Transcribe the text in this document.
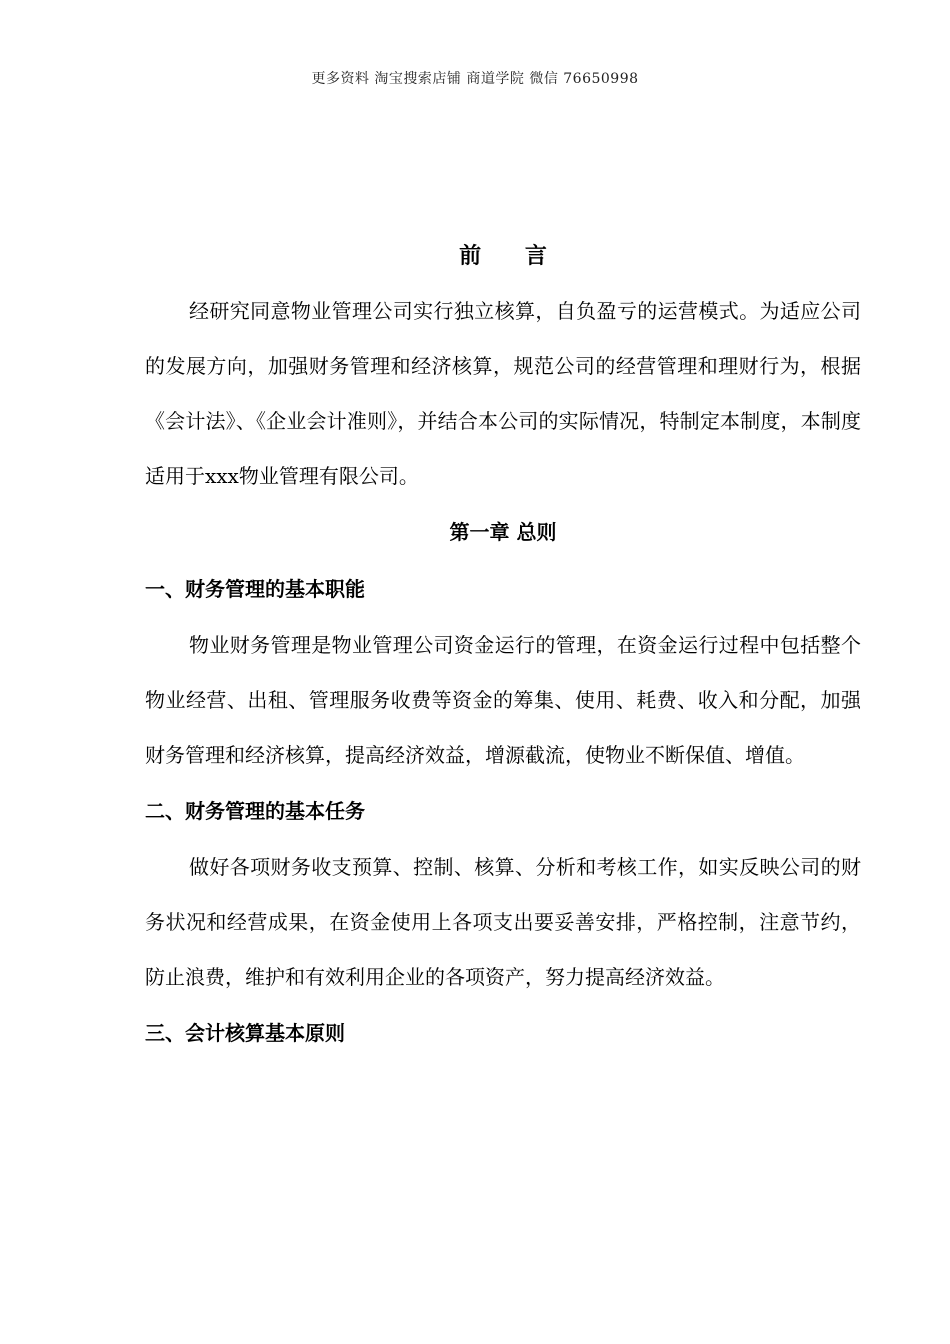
更多资料 淘宝搜索店铺 商道学院 微信 76650998
前 言

经研究同意物业管理公司实行独立核算，自负盈亏的运营模式。为适应公司的发展方向，加强财务管理和经济核算，规范公司的经营管理和理财行为，根据《会计法》、《企业会计准则》，并结合本公司的实际情况，特制定本制度，本制度适用于xxx物业管理有限公司。

第一章 总则
一、财务管理的基本职能

物业财务管理是物业管理公司资金运行的管理，在资金运行过程中包括整个物业经营、出租、管理服务收费等资金的筹集、使用、耗费、收入和分配，加强财务管理和经济核算，提高经济效益，增源截流，使物业不断保值、增值。

二、财务管理的基本任务

做好各项财务收支预算、控制、核算、分析和考核工作，如实反映公司的财务状况和经营成果，在资金使用上各项支出要妥善安排，严格控制，注意节约，防止浪费，维护和有效利用企业的各项资产，努力提高经济效益。

三、会计核算基本原则
